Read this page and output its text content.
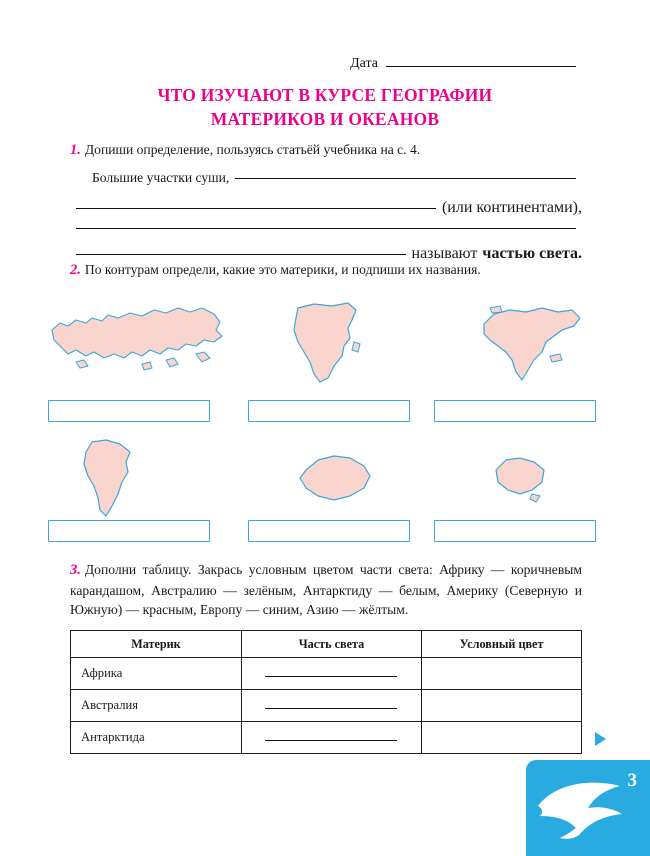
Дата
ЧТО ИЗУЧАЮТ В КУРСЕ ГЕОГРАФИИ
МАТЕРИКОВ И ОКЕАНОВ
1. Допиши определение, пользуясь статьёй учебника на с. 4.
Большие участки суши,
(или континентами),
называют частью света.
2. По контурам определи, какие это материки, и подпиши их названия.
3. Дополни таблицу. Закрась условным цветом части света: Африку — коричневым карандашом, Австралию — зелёным, Антарктиду — белым, Америку (Северную и Южную) — красным, Европу — синим, Азию — жёлтым.
Материк	Часть света	Условный цвет
Африка		
Австралия		
Антарктида		
3
